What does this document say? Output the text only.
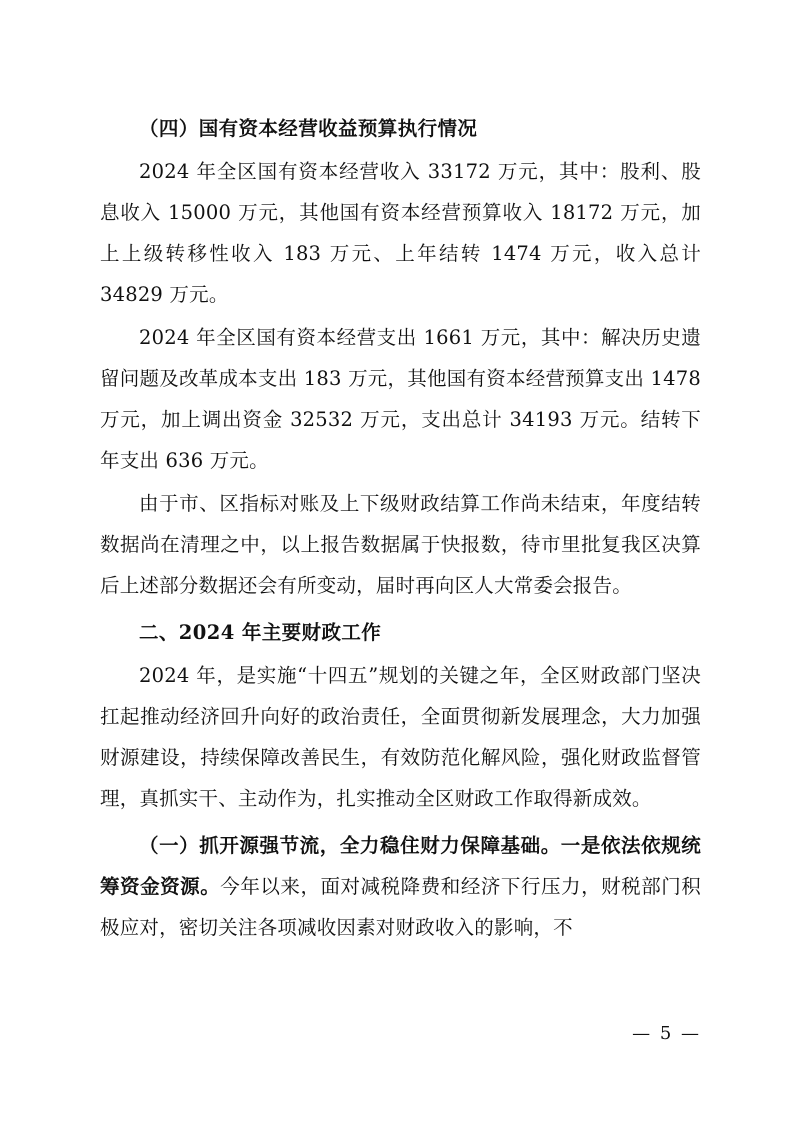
（四）国有资本经营收益预算执行情况

2024 年全区国有资本经营收入 33172 万元，其中：股利、股息收入 15000 万元，其他国有资本经营预算收入 18172 万元，加上上级转移性收入 183 万元、上年结转 1474 万元，收入总计 34829 万元。

2024 年全区国有资本经营支出 1661 万元，其中：解决历史遗留问题及改革成本支出 183 万元，其他国有资本经营预算支出 1478 万元，加上调出资金 32532 万元，支出总计 34193 万元。结转下年支出 636 万元。

由于市、区指标对账及上下级财政结算工作尚未结束，年度结转数据尚在清理之中，以上报告数据属于快报数，待市里批复我区决算后上述部分数据还会有所变动，届时再向区人大常委会报告。

二、2024 年主要财政工作

2024 年，是实施“十四五”规划的关键之年，全区财政部门坚决扛起推动经济回升向好的政治责任，全面贯彻新发展理念，大力加强财源建设，持续保障改善民生，有效防范化解风险，强化财政监督管理，真抓实干、主动作为，扎实推动全区财政工作取得新成效。

（一）抓开源强节流，全力稳住财力保障基础。一是依法依规统筹资金资源。今年以来，面对减税降费和经济下行压力，财税部门积极应对，密切关注各项减收因素对财政收入的影响，不

— 5 —
